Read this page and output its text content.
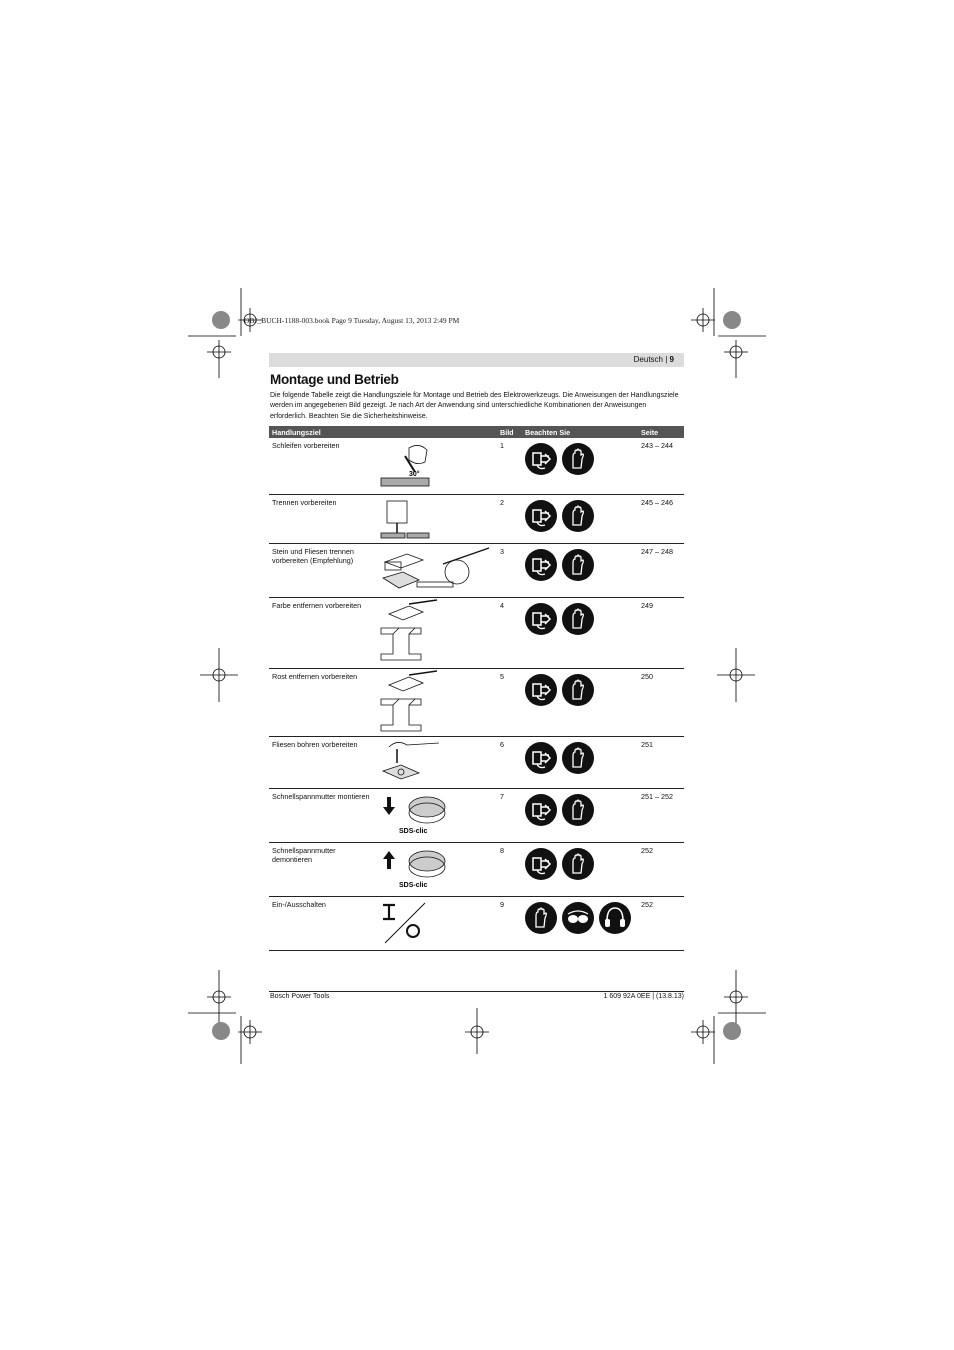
OBJ_BUCH-1188-003.book Page 9 Tuesday, August 13, 2013 2:49 PM
Deutsch | 9
Montage und Betrieb
Die folgende Tabelle zeigt die Handlungsziele für Montage und Betrieb des Elektrowerkzeugs. Die Anweisungen der Handlungsziele werden im angegebenen Bild gezeigt. Je nach Art der Anwendung sind unterschiedliche Kombinationen der Anweisungen erforderlich. Beachten Sie die Sicherheitshinweise.
Handlungsziel		Bild	Beachten Sie	Seite
Schleifen vorbereiten	30°	1		243 – 244
Trennen vorbereiten		2		245 – 246
Stein und Fliesen trennen vorbereiten (Empfehlung)		3		247 – 248
Farbe entfernen vorbereiten		4		249
Rost entfernen vorbereiten		5		250
Fliesen bohren vorbereiten		6		251
Schnellspannmutter montieren	SDS-clic	7		251 – 252
Schnellspannmutter demontieren	SDS-clic	8		252
Ein-/Ausschalten		9		252
Bosch Power Tools	1 609 92A 0EE | (13.8.13)
